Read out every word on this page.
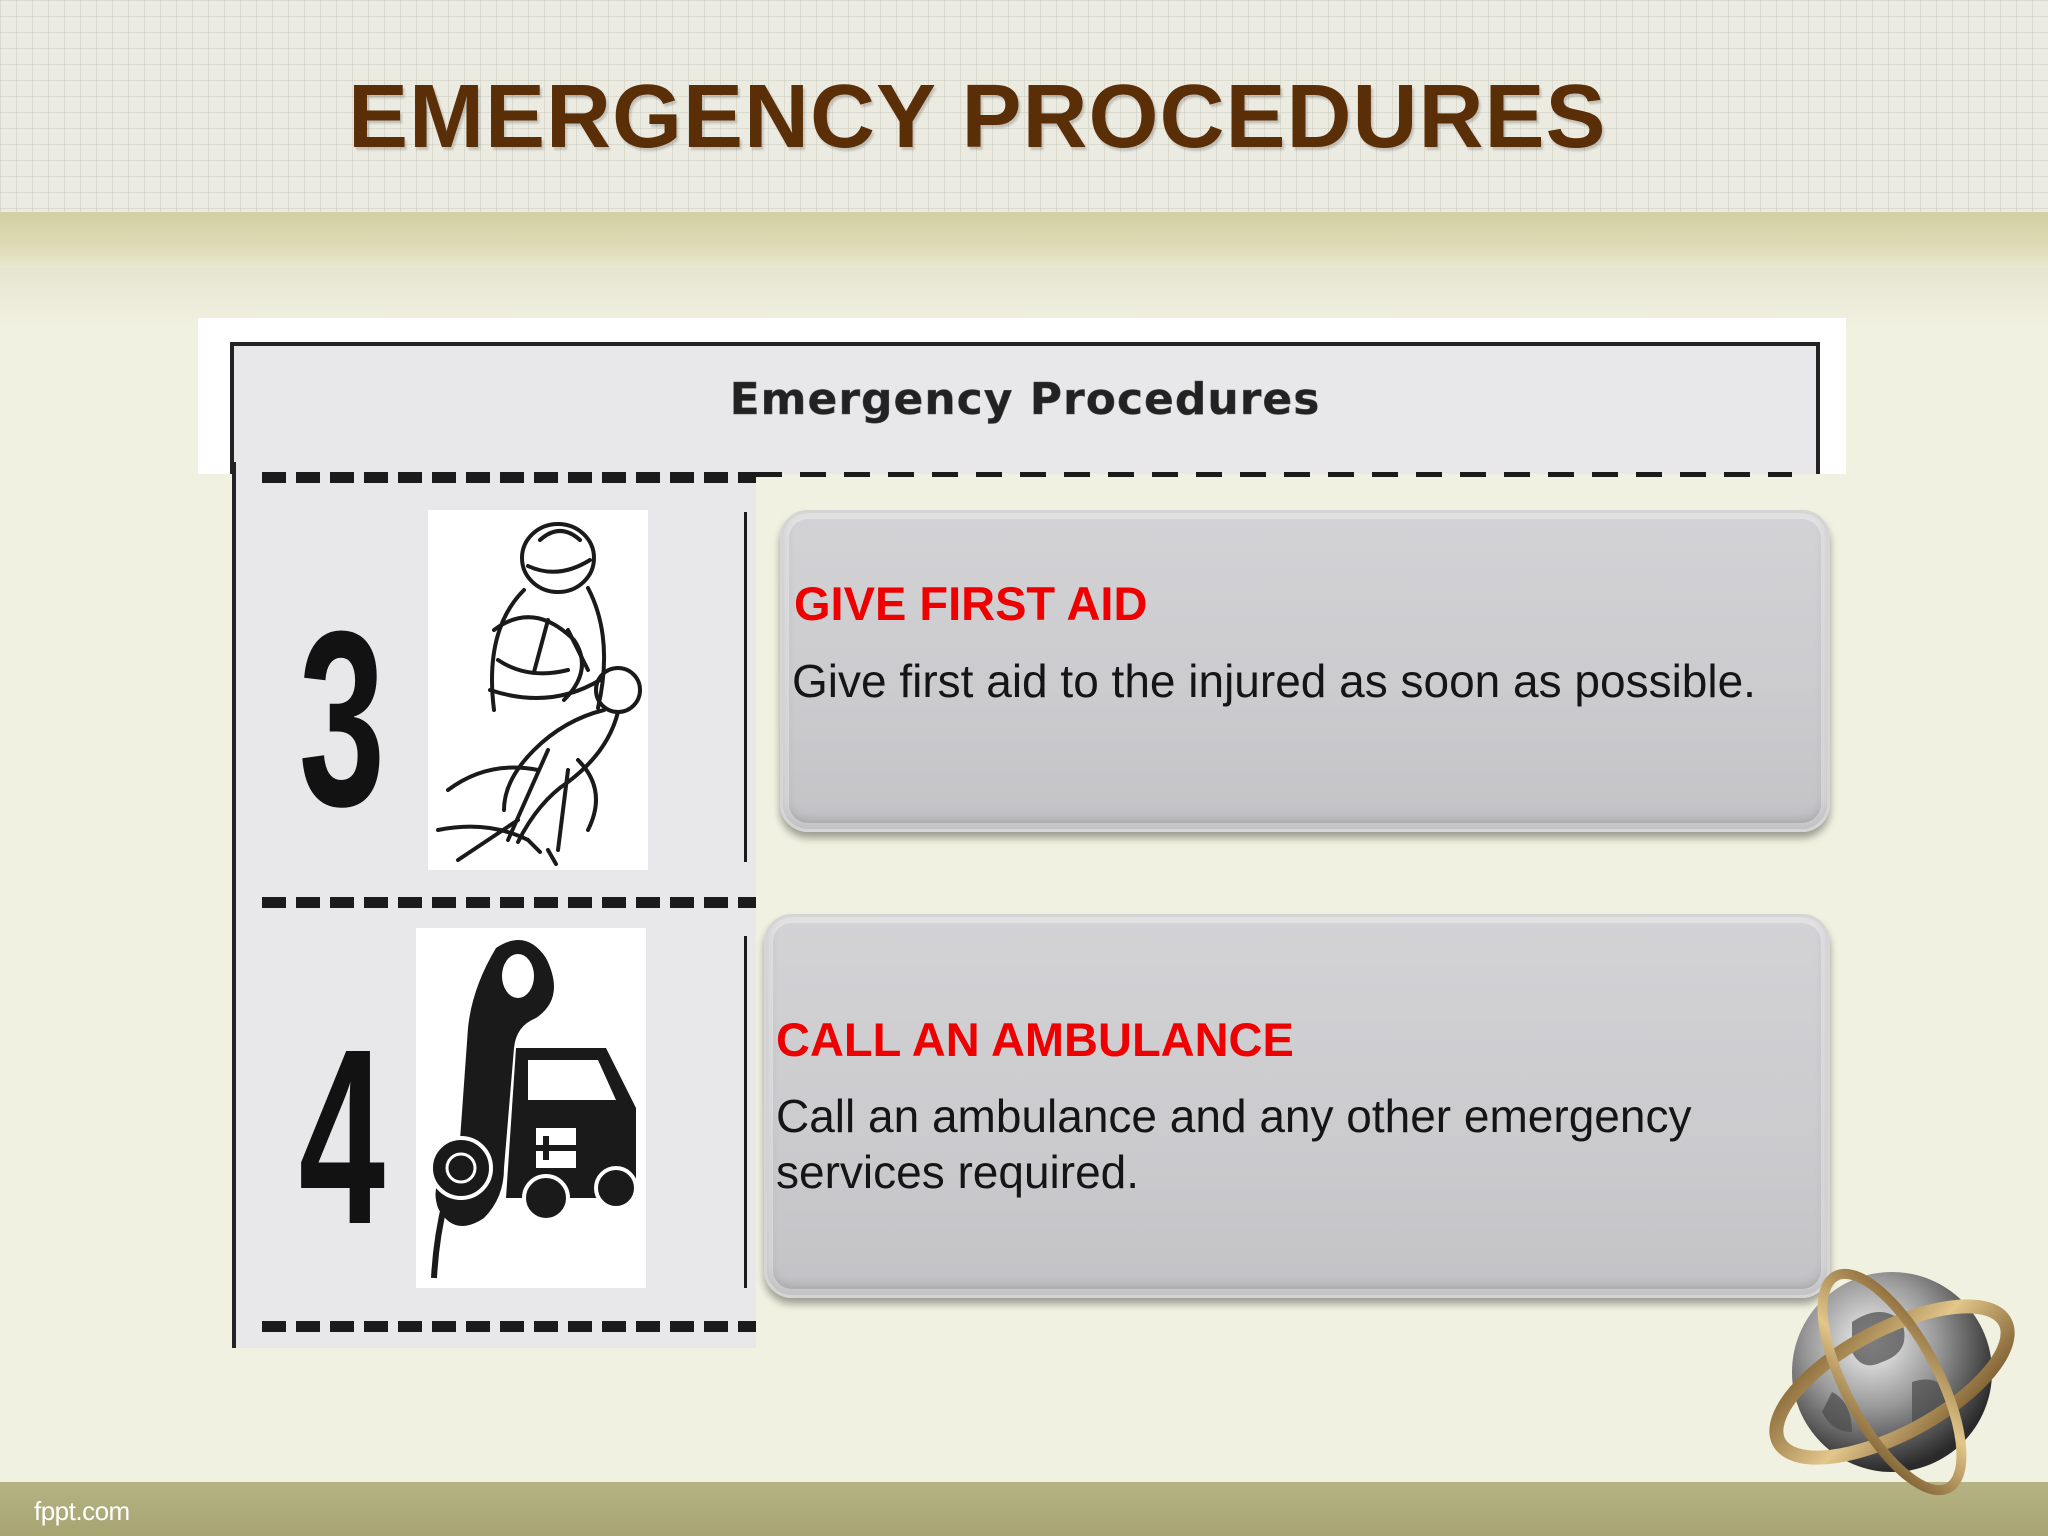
EMERGENCY PROCEDURES
Emergency Procedures
3
4
GIVE FIRST AID
Give first aid to the injured as soon as possible.
CALL AN AMBULANCE
Call an ambulance and any other emergency services required.
fppt.com
